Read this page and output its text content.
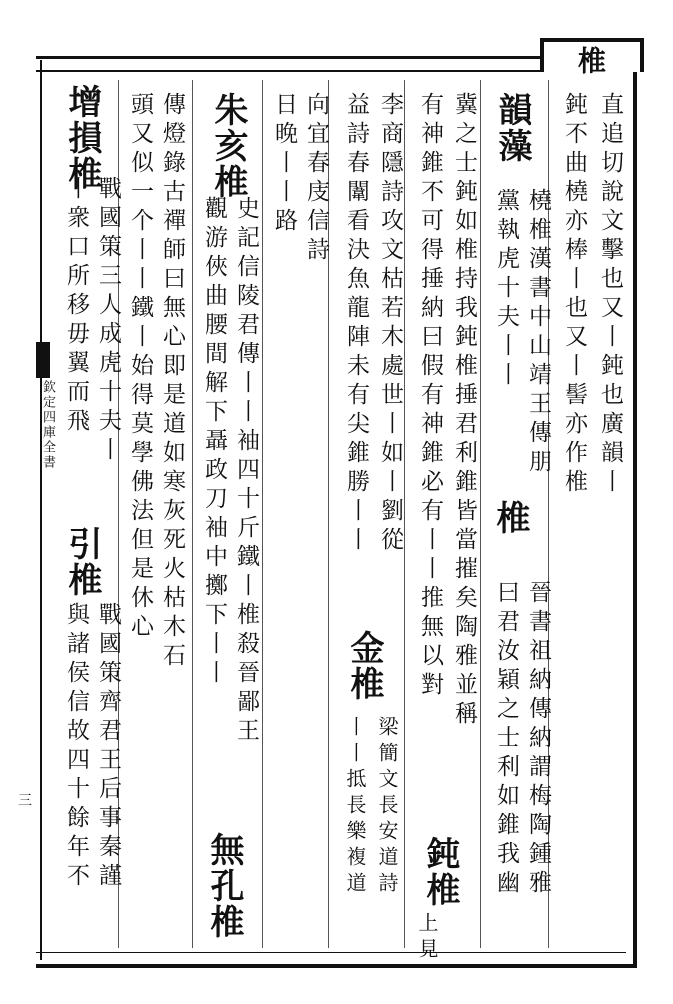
欽定四庫全書
三
椎
直追切說文擊也又丨鈍也廣韻丨
鈍不曲橈亦棒丨也又丨髻亦作椎
韻藻
橈椎漢書中山靖王傳朋
黨執虎十夫丨丨
冀之士鈍如椎持我鈍椎捶君利錐皆當摧矣陶雅並稱
有神錐不可得捶納曰假有神錐必有丨丨推無以對 椎
晉書祖納傳納謂梅陶鍾雅
曰君汝穎之士利如錐我幽
鈍椎
上見
李商隱詩攻文枯若木處世丨如丨劉從
益詩春闈看決魚龍陣未有尖錐勝丨丨
金椎
梁簡文長安道詩
丨丨抵長樂複道
向宜春庋信詩
日晚丨丨路
朱亥椎
史記信陵君傳丨丨袖四十斤鐵丨椎殺晉鄙王
觀游俠曲腰間解下聶政刀袖中擲下丨丨
無孔椎
傳燈錄古禪師曰無心即是道如寒灰死火枯木石
頭又似一个丨丨鐵丨始得莫學佛法但是休心
增損椎
戰國策三人成虎十夫丨
丨衆口所移毋翼而飛
引椎
戰國策齊君王后事秦謹
與諸侯信故四十餘年不
